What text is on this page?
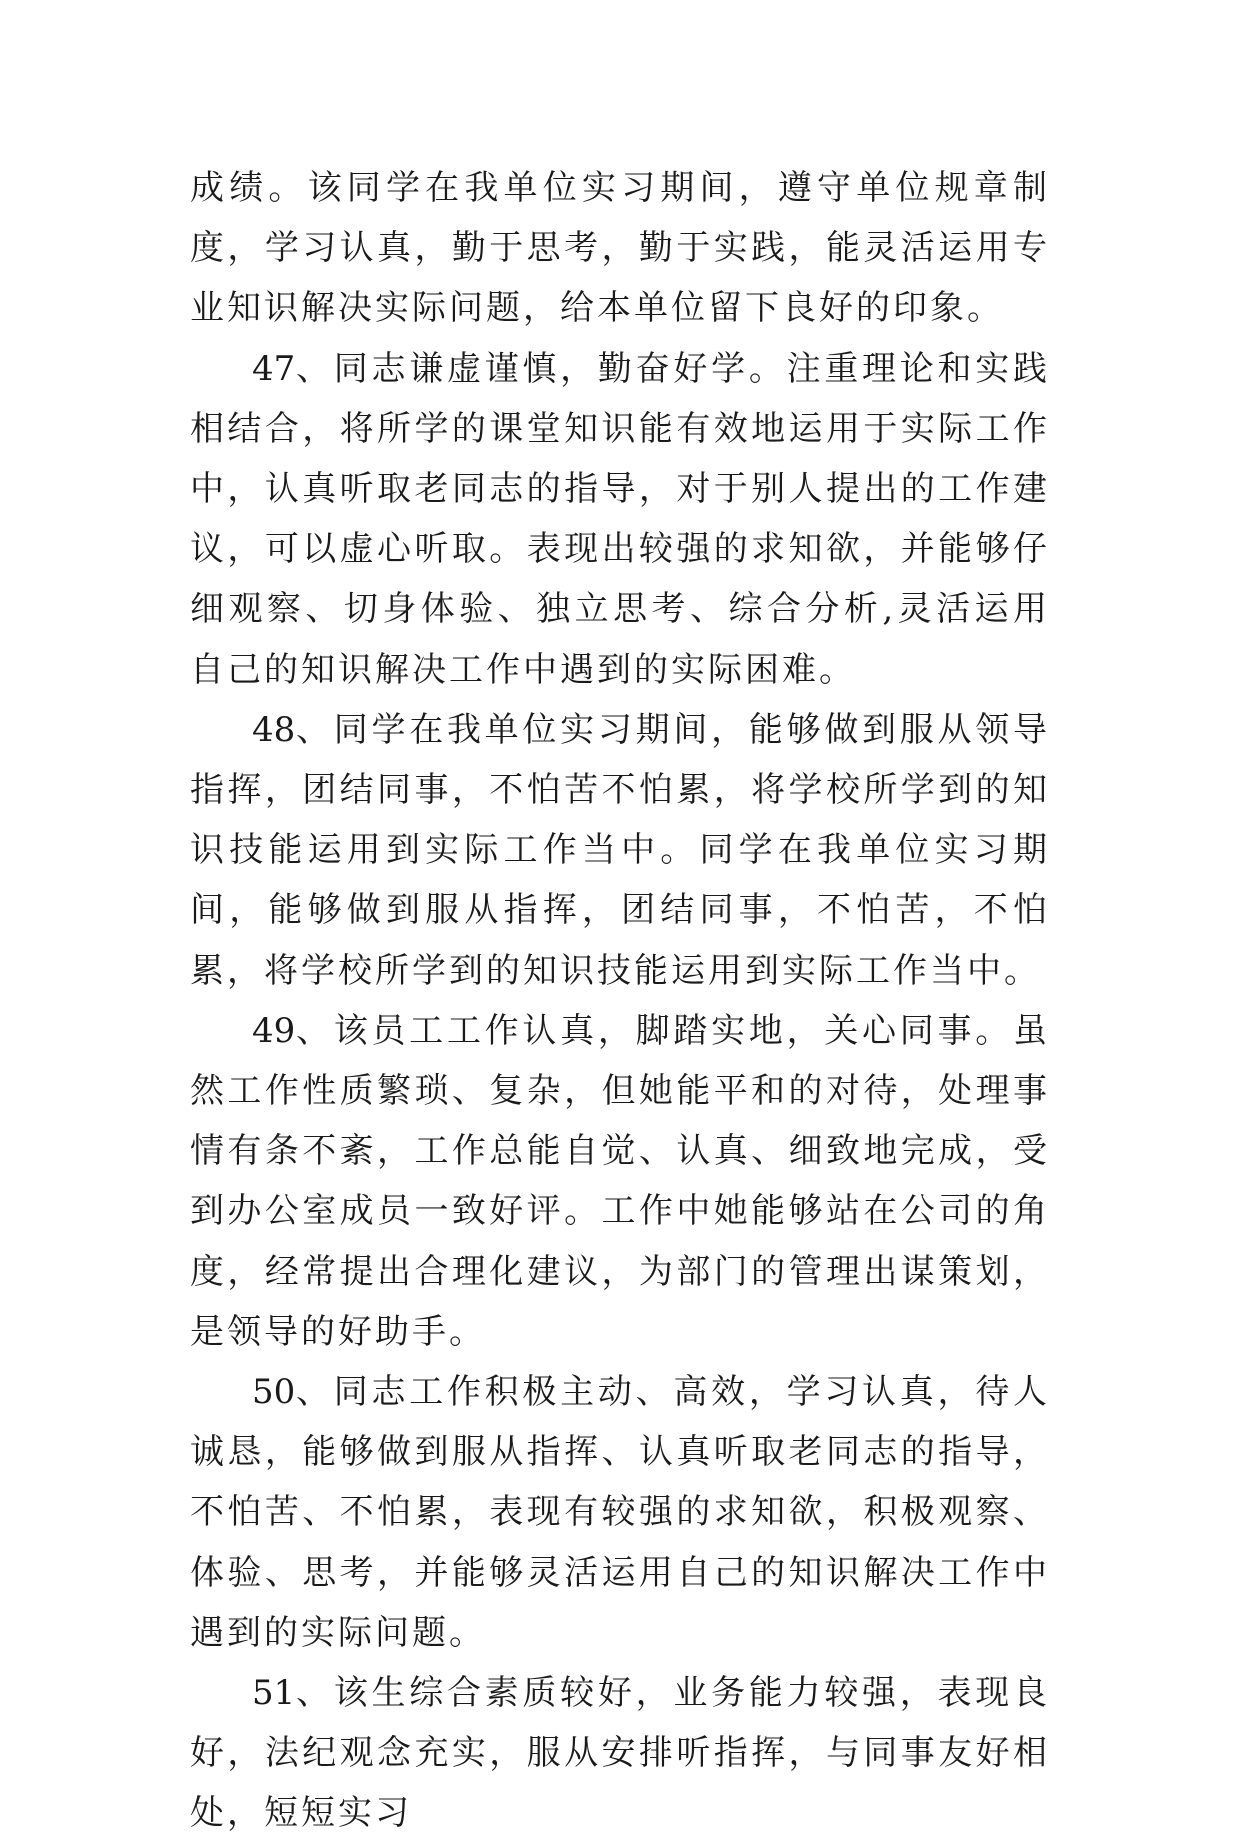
成绩。该同学在我单位实习期间，遵守单位规章制度，学习认真，勤于思考，勤于实践，能灵活运用专业知识解决实际问题，给本单位留下良好的印象。

47、同志谦虚谨慎，勤奋好学。注重理论和实践相结合，将所学的课堂知识能有效地运用于实际工作中，认真听取老同志的指导，对于别人提出的工作建议，可以虚心听取。表现出较强的求知欲，并能够仔细观察、切身体验、独立思考、综合分析,灵活运用自己的知识解决工作中遇到的实际困难。

48、同学在我单位实习期间，能够做到服从领导指挥，团结同事，不怕苦不怕累，将学校所学到的知识技能运用到实际工作当中。同学在我单位实习期间，能够做到服从指挥，团结同事，不怕苦，不怕累，将学校所学到的知识技能运用到实际工作当中。

49、该员工工作认真，脚踏实地，关心同事。虽然工作性质繁琐、复杂，但她能平和的对待，处理事情有条不紊，工作总能自觉、认真、细致地完成，受到办公室成员一致好评。工作中她能够站在公司的角度，经常提出合理化建议，为部门的管理出谋策划，是领导的好助手。

50、同志工作积极主动、高效，学习认真，待人诚恳，能够做到服从指挥、认真听取老同志的指导，不怕苦、不怕累，表现有较强的求知欲，积极观察、体验、思考，并能够灵活运用自己的知识解决工作中遇到的实际问题。

51、该生综合素质较好，业务能力较强，表现良好，法纪观念充实，服从安排听指挥，与同事友好相处，短短实习
